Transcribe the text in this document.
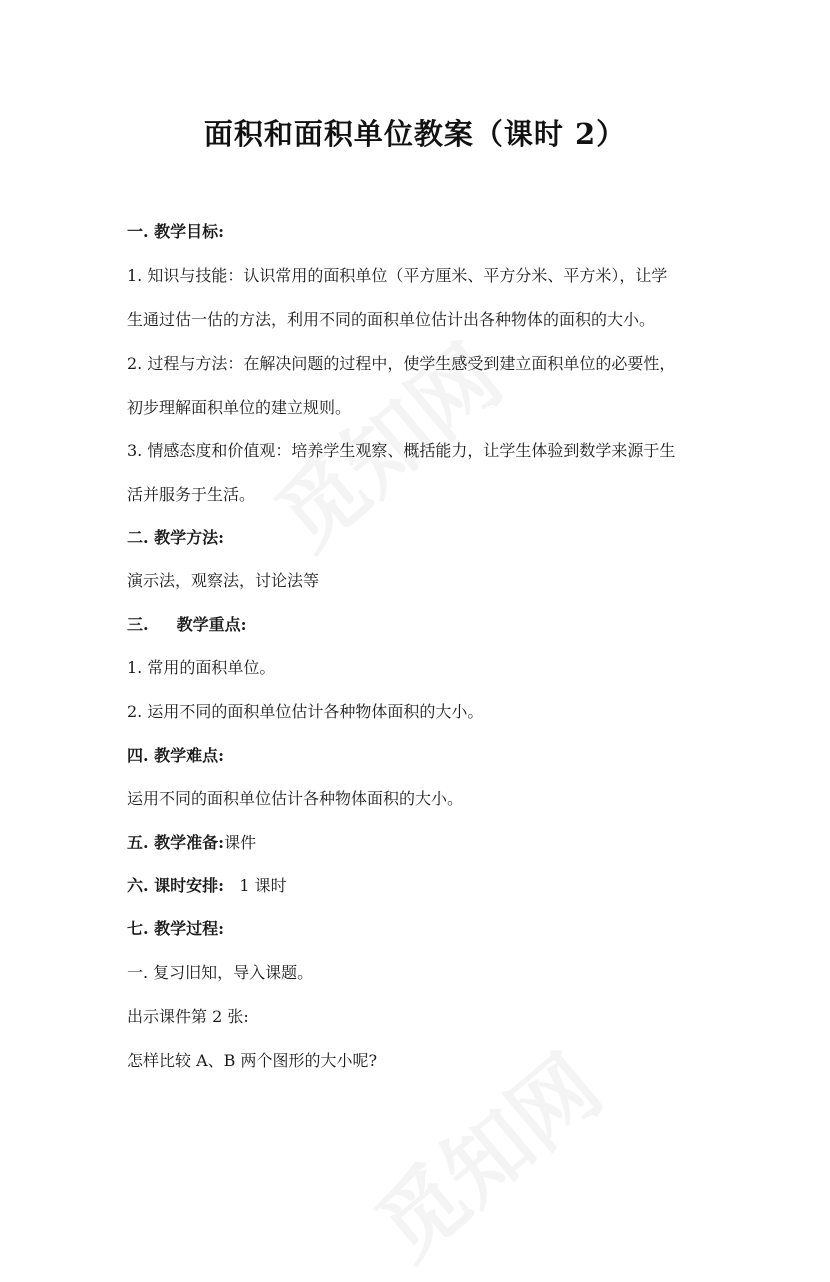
面积和面积单位教案（课时 2）
一. 教学目标:
1. 知识与技能：认识常用的面积单位（平方厘米、平方分米、平方米），让学
生通过估一估的方法，利用不同的面积单位估计出各种物体的面积的大小。
2. 过程与方法：在解决问题的过程中，使学生感受到建立面积单位的必要性，
初步理解面积单位的建立规则。
3. 情感态度和价值观：培养学生观察、概括能力，让学生体验到数学来源于生
活并服务于生活。
二. 教学方法:
演示法，观察法，讨论法等
三. 教学重点:
1. 常用的面积单位。
2. 运用不同的面积单位估计各种物体面积的大小。
四. 教学难点:
运用不同的面积单位估计各种物体面积的大小。
五. 教学准备:课件
六. 课时安排: 1 课时
七. 教学过程:
一. 复习旧知，导入课题。
出示课件第 2 张:
怎样比较 A、B 两个图形的大小呢?
